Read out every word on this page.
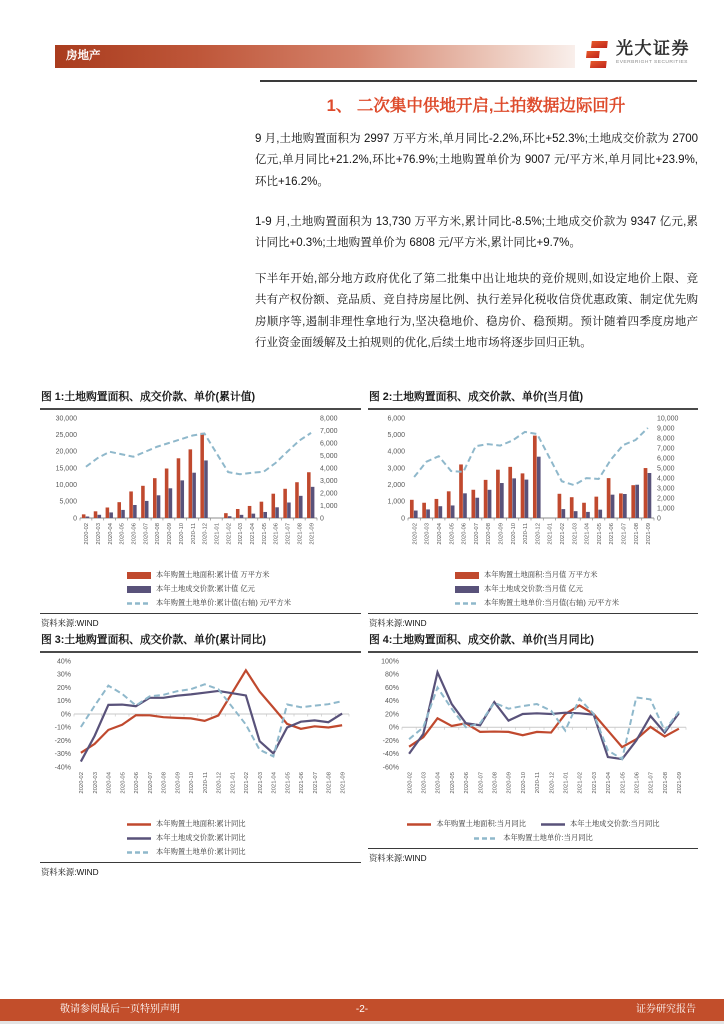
房地产	光大证券
EVERBRIGHT SECURITIES
1、 二次集中供地开启,土拍数据边际回升
9 月,土地购置面积为 2997 万平方米,单月同比-2.2%,环比+52.3%;土地成交价款为 2700 亿元,单月同比+21.2%,环比+76.9%;土地购置单价为 9007 元/平方米,单月同比+23.9%,环比+16.2%。
1-9 月,土地购置面积为 13,730 万平方米,累计同比-8.5%;土地成交价款为 9347 亿元,累计同比+0.3%;土地购置单价为 6808 元/平方米,累计同比+9.7%。
下半年开始,部分地方政府优化了第二批集中出让地块的竞价规则,如设定地价上限、竞共有产权份额、竞品质、竞自持房屋比例、执行差异化税收信贷优惠政策、制定优先购房顺序等,遏制非理性拿地行为,坚决稳地价、稳房价、稳预期。预计随着四季度房地产行业资金面缓解及土拍规则的优化,后续土地市场将逐步回归正轨。
图 1:土地购置面积、成交价款、单价(累计值)
30,000
25,000
20,000
15,000
10,000
5,000
0
8,000
7,000
6,000
5,000
4,000
3,000
2,000
1,000
0
2020-02 2020-03 2020-04 2020-05 2020-06 2020-07 2020-08 2020-09 2020-10 2020-11 2020-12 2021-01 2021-02 2021-03 2021-04 2021-05 2021-06 2021-07 2021-08 2021-09
本年购置土地面积:累计值 万平方米
本年土地成交价款:累计值 亿元
本年购置土地单价:累计值(右轴) 元/平方米
资料来源:WIND
图 2:土地购置面积、成交价款、单价(当月值)
6,000
5,000
4,000
3,000
2,000
1,000
0
10,000
9,000
8,000
7,000
6,000
5,000
4,000
3,000
2,000
1,000
0
2020-02 2020-03 2020-04 2020-05 2020-06 2020-07 2020-08 2020-09 2020-10 2020-11 2020-12 2021-01 2021-02 2021-03 2021-04 2021-05 2021-06 2021-07 2021-08 2021-09
本年购置土地面积:当月值 万平方米
本年土地成交价款:当月值 亿元
本年购置土地单价:当月值(右轴) 元/平方米
资料来源:WIND
图 3:土地购置面积、成交价款、单价(累计同比)
40%
30%
20%
10%
0%
-10%
-20%
-30%
-40%
2020-02 2020-03 2020-04 2020-05 2020-06 2020-07 2020-08 2020-09 2020-10 2020-11 2020-12 2021-01 2021-02 2021-03 2021-04 2021-05 2021-06 2021-07 2021-08 2021-09
本年购置土地面积:累计同比
本年土地成交价款:累计同比
本年购置土地单价:累计同比
资料来源:WIND
图 4:土地购置面积、成交价款、单价(当月同比)
100%
80%
60%
40%
20%
0%
-20%
-40%
-60%
2020-02 2020-03 2020-04 2020-05 2020-06 2020-07 2020-08 2020-09 2020-10 2020-11 2020-12 2021-01 2021-02 2021-03 2021-04 2021-05 2021-06 2021-07 2021-08 2021-09
本年购置土地面积:当月同比	本年土地成交价款:当月同比
本年购置土地单价:当月同比
资料来源:WIND
敬请参阅最后一页特别声明	-2-	证券研究报告
